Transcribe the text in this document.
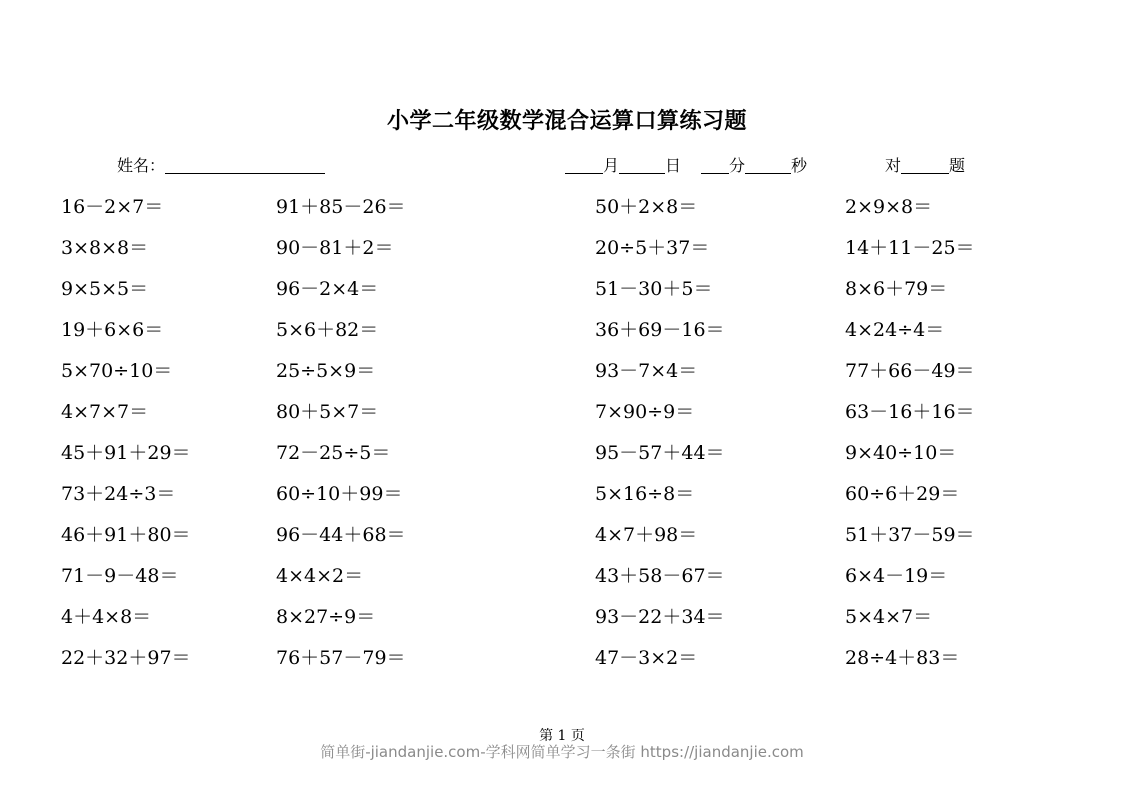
小学二年级数学混合运算口算练习题
姓名：	月	日	分	秒	对	题
16－2×7＝	91＋85－26＝	50＋2×8＝	2×9×8＝
3×8×8＝	90－81＋2＝	20÷5＋37＝	14＋11－25＝
9×5×5＝	96－2×4＝	51－30＋5＝	8×6＋79＝
19＋6×6＝	5×6＋82＝	36＋69－16＝	4×24÷4＝
5×70÷10＝	25÷5×9＝	93－7×4＝	77＋66－49＝
4×7×7＝	80＋5×7＝	7×90÷9＝	63－16＋16＝
45＋91＋29＝	72－25÷5＝	95－57＋44＝	9×40÷10＝
73＋24÷3＝	60÷10＋99＝	5×16÷8＝	60÷6＋29＝
46＋91＋80＝	96－44＋68＝	4×7＋98＝	51＋37－59＝
71－9－48＝	4×4×2＝	43＋58－67＝	6×4－19＝
4＋4×8＝	8×27÷9＝	93－22＋34＝	5×4×7＝
22＋32＋97＝	76＋57－79＝	47－3×2＝	28÷4＋83＝
第 1 页
简单街-jiandanjie.com-学科网简单学习一条街 https://jiandanjie.com
